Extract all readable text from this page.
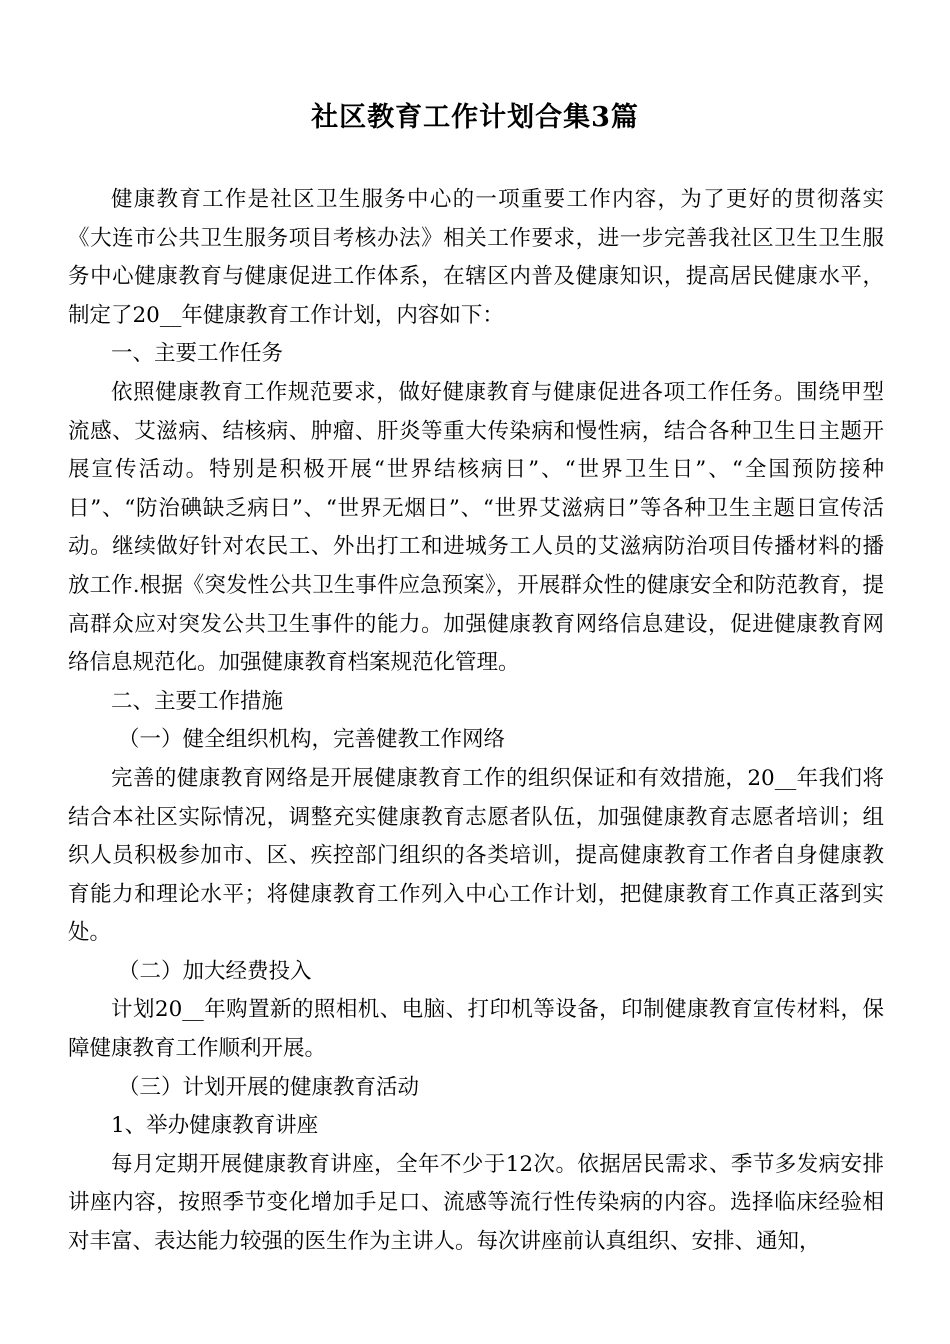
社区教育工作计划合集3篇

健康教育工作是社区卫生服务中心的一项重要工作内容，为了更好的贯彻落实《大连市公共卫生服务项目考核办法》相关工作要求，进一步完善我社区卫生卫生服务中心健康教育与健康促进工作体系，在辖区内普及健康知识，提高居民健康水平，制定了20__年健康教育工作计划，内容如下：

一、主要工作任务

依照健康教育工作规范要求，做好健康教育与健康促进各项工作任务。围绕甲型流感、艾滋病、结核病、肿瘤、肝炎等重大传染病和慢性病，结合各种卫生日主题开展宣传活动。特别是积极开展“世界结核病日”、“世界卫生日”、“全国预防接种日”、“防治碘缺乏病日”、“世界无烟日”、“世界艾滋病日”等各种卫生主题日宣传活动。继续做好针对农民工、外出打工和进城务工人员的艾滋病防治项目传播材料的播放工作.根据《突发性公共卫生事件应急预案》，开展群众性的健康安全和防范教育，提高群众应对突发公共卫生事件的能力。加强健康教育网络信息建设，促进健康教育网络信息规范化。加强健康教育档案规范化管理。

二、主要工作措施

（一）健全组织机构，完善健教工作网络

完善的健康教育网络是开展健康教育工作的组织保证和有效措施，20__年我们将结合本社区实际情况，调整充实健康教育志愿者队伍，加强健康教育志愿者培训；组织人员积极参加市、区、疾控部门组织的各类培训，提高健康教育工作者自身健康教育能力和理论水平；将健康教育工作列入中心工作计划，把健康教育工作真正落到实处。

（二）加大经费投入

计划20__年购置新的照相机、电脑、打印机等设备，印制健康教育宣传材料，保障健康教育工作顺利开展。

（三）计划开展的健康教育活动

1、举办健康教育讲座

每月定期开展健康教育讲座，全年不少于12次。依据居民需求、季节多发病安排讲座内容，按照季节变化增加手足口、流感等流行性传染病的内容。选择临床经验相对丰富、表达能力较强的医生作为主讲人。每次讲座前认真组织、安排、通知，
